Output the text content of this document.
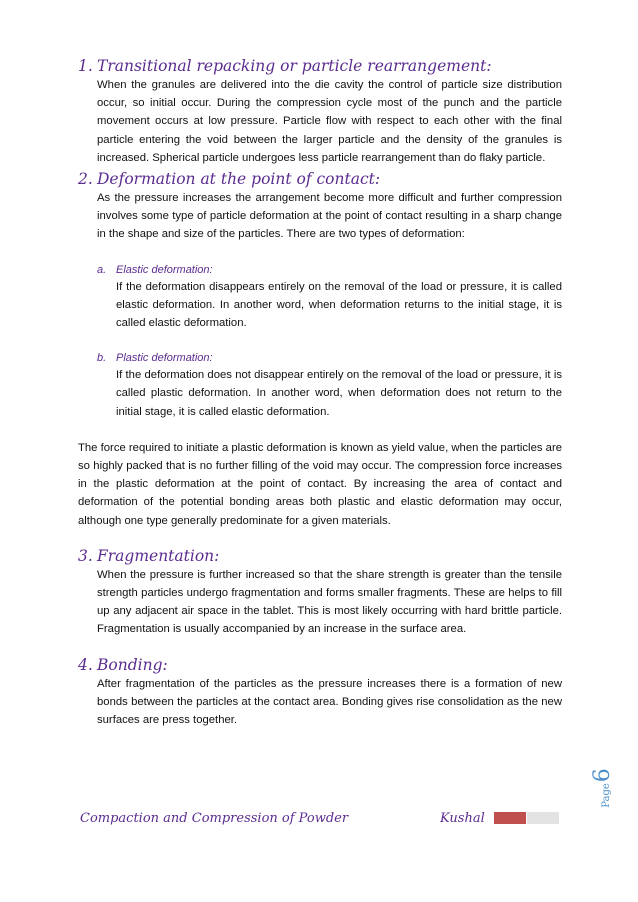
1. Transitional repacking or particle rearrangement:

When the granules are delivered into the die cavity the control of particle size distribution occur, so initial occur. During the compression cycle most of the punch and the particle movement occurs at low pressure. Particle flow with respect to each other with the final particle entering the void between the larger particle and the density of the granules is increased. Spherical particle undergoes less particle rearrangement than do flaky particle.

2. Deformation at the point of contact:

As the pressure increases the arrangement become more difficult and further compression involves some type of particle deformation at the point of contact resulting in a sharp change in the shape and size of the particles. There are two types of deformation:

a. Elastic deformation:

If the deformation disappears entirely on the removal of the load or pressure, it is called elastic deformation. In another word, when deformation returns to the initial stage, it is called elastic deformation.

b. Plastic deformation:

If the deformation does not disappear entirely on the removal of the load or pressure, it is called plastic deformation. In another word, when deformation does not return to the initial stage, it is called elastic deformation.

The force required to initiate a plastic deformation is known as yield value, when the particles are so highly packed that is no further filling of the void may occur. The compression force increases in the plastic deformation at the point of contact. By increasing the area of contact and deformation of the potential bonding areas both plastic and elastic deformation may occur, although one type generally predominate for a given materials.

3. Fragmentation:

When the pressure is further increased so that the share strength is greater than the tensile strength particles undergo fragmentation and forms smaller fragments. These are helps to fill up any adjacent air space in the tablet. This is most likely occurring with hard brittle particle. Fragmentation is usually accompanied by an increase in the surface area.

4. Bonding:

After fragmentation of the particles as the pressure increases there is a formation of new bonds between the particles at the contact area. Bonding gives rise consolidation as the new surfaces are press together.

Page
6
Compaction and Compression of Powder	Kushal
